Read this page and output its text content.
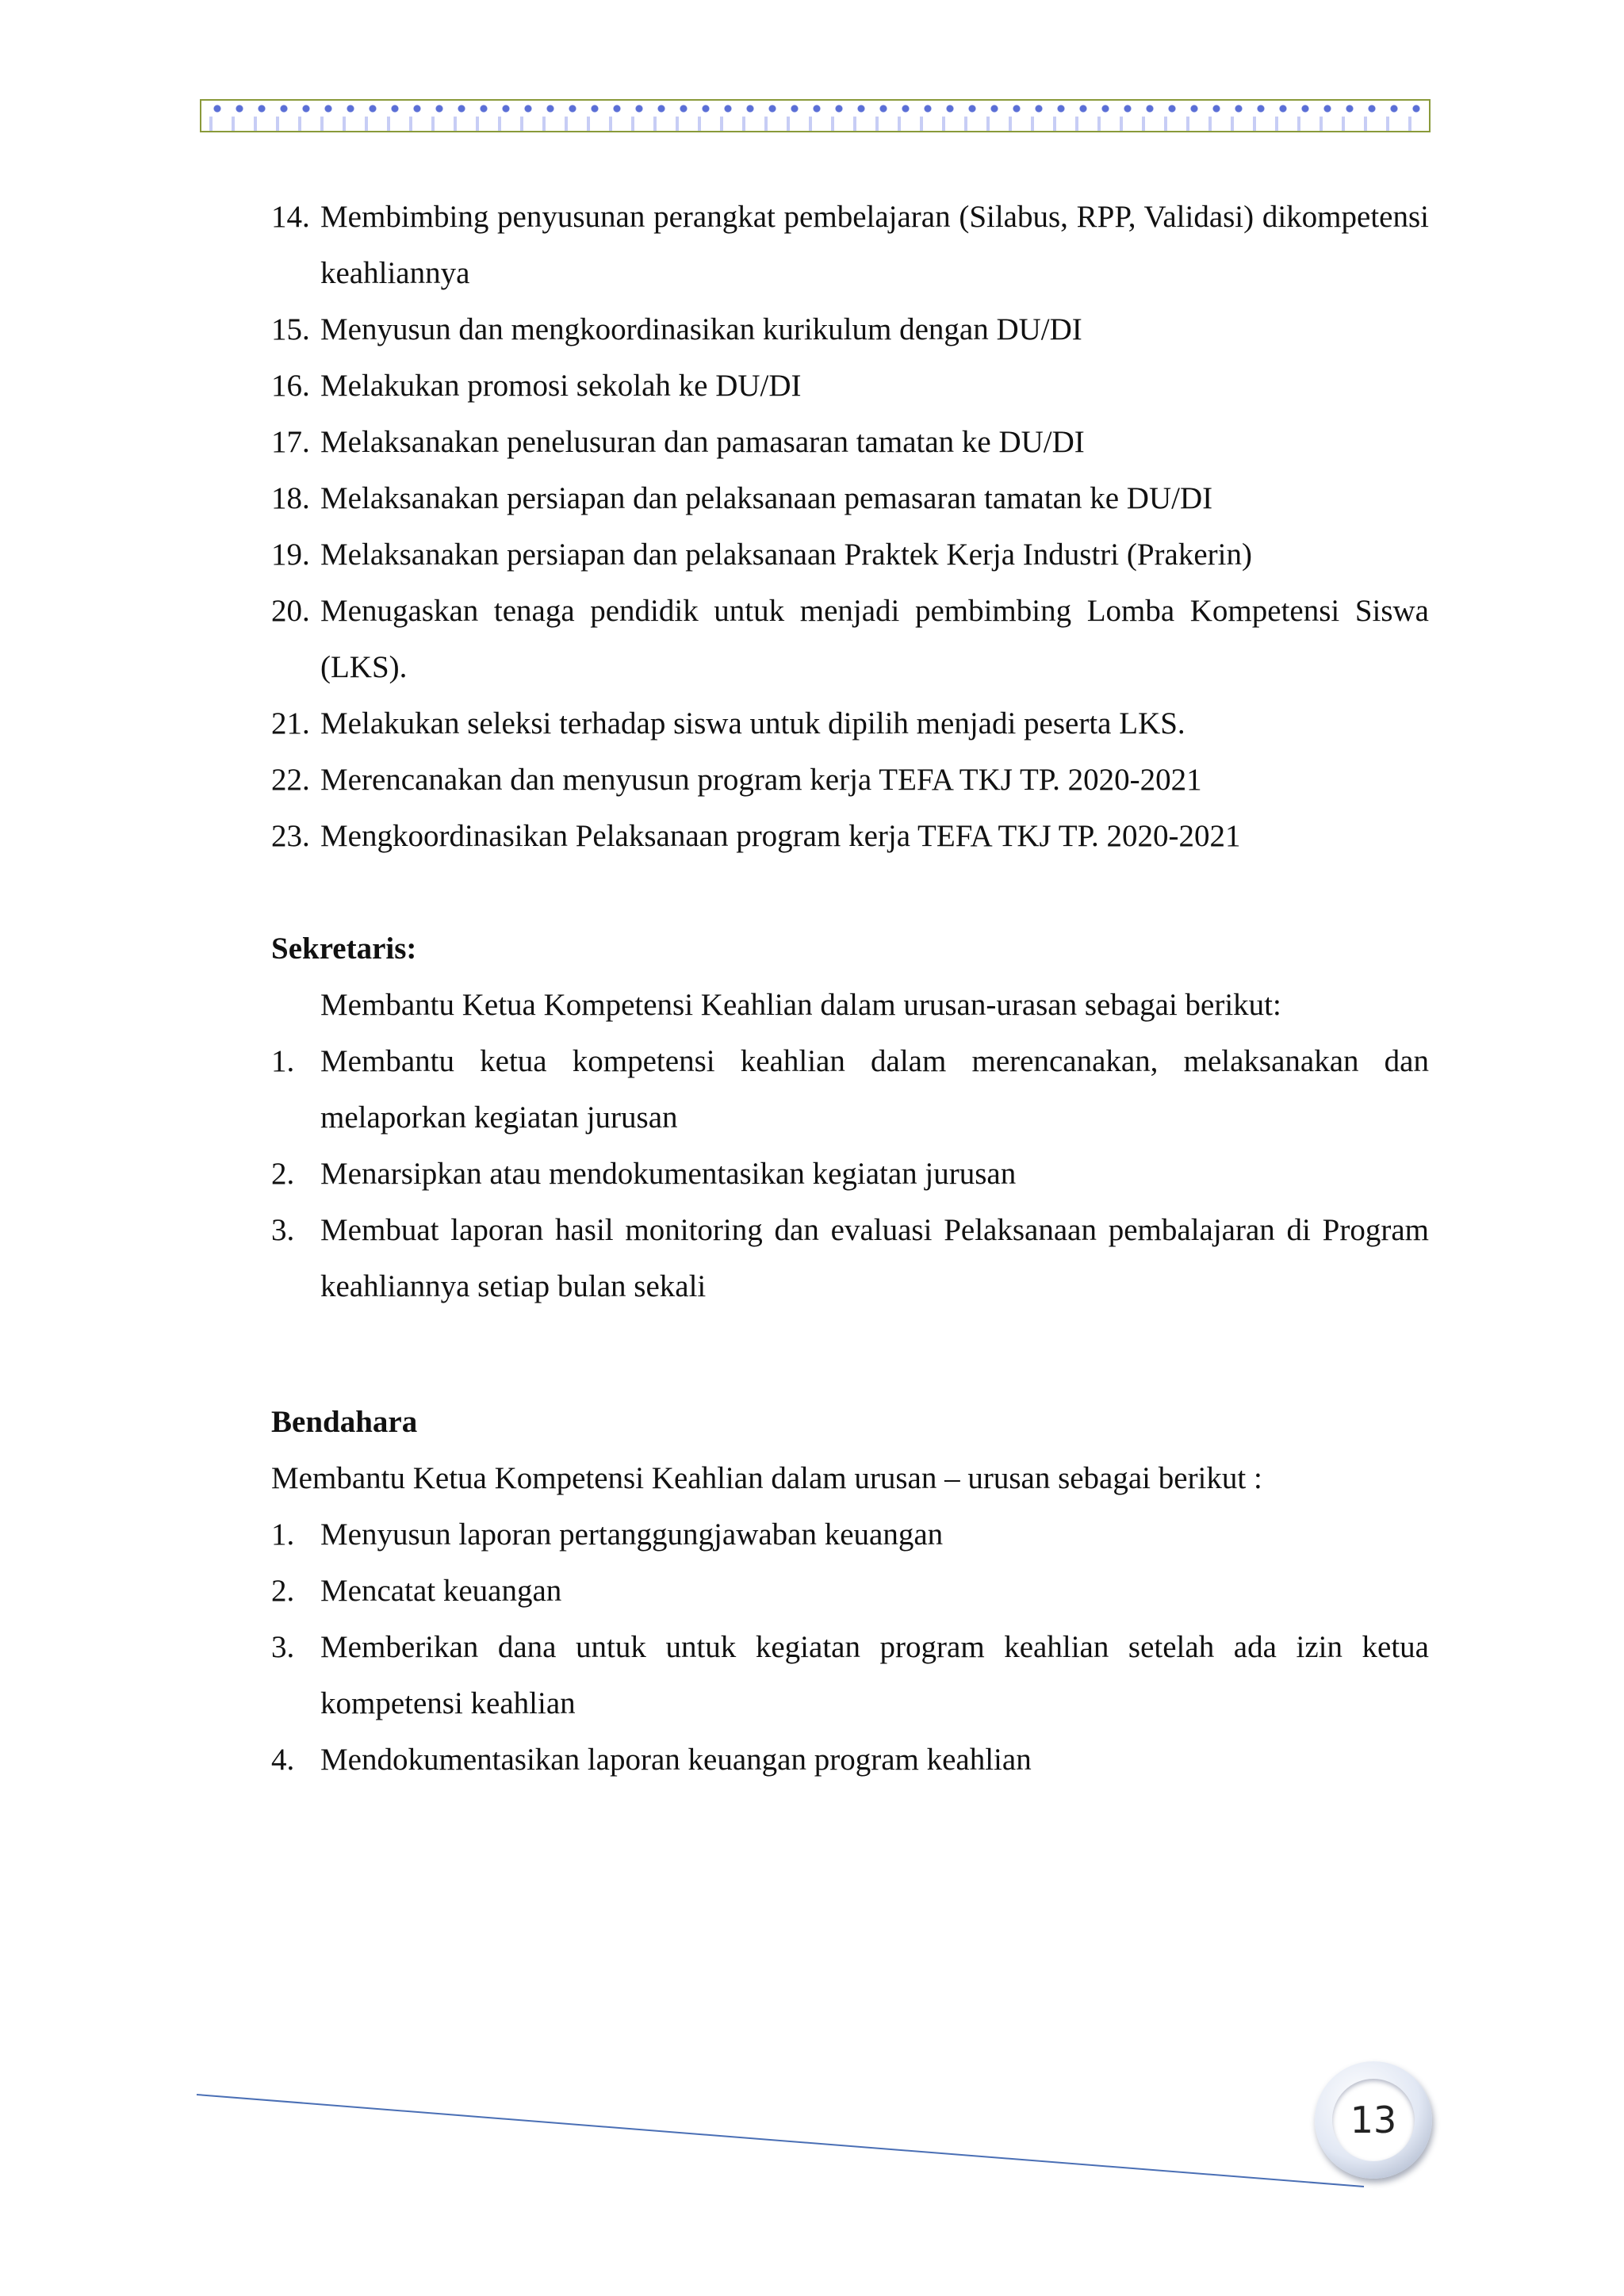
14. Membimbing penyusunan perangkat pembelajaran (Silabus, RPP, Validasi) dikompetensi keahliannya
15. Menyusun dan mengkoordinasikan kurikulum dengan DU/DI
16. Melakukan promosi sekolah ke DU/DI
17. Melaksanakan penelusuran dan pamasaran tamatan ke DU/DI
18. Melaksanakan persiapan dan pelaksanaan pemasaran tamatan ke DU/DI
19. Melaksanakan persiapan dan pelaksanaan Praktek Kerja Industri (Prakerin)
20. Menugaskan tenaga pendidik untuk menjadi pembimbing Lomba Kompetensi Siswa (LKS).
21. Melakukan seleksi terhadap siswa untuk dipilih menjadi peserta LKS.
22. Merencanakan dan menyusun program kerja TEFA TKJ TP. 2020-2021
23. Mengkoordinasikan Pelaksanaan program kerja TEFA TKJ TP. 2020-2021
Sekretaris:
Membantu Ketua Kompetensi Keahlian dalam urusan-urasan sebagai berikut:
1. Membantu ketua kompetensi keahlian dalam merencanakan, melaksanakan dan melaporkan kegiatan jurusan
2. Menarsipkan atau mendokumentasikan kegiatan jurusan
3. Membuat laporan hasil monitoring dan evaluasi Pelaksanaan pembalajaran di Program keahliannya setiap bulan sekali
Bendahara
Membantu Ketua Kompetensi Keahlian dalam urusan – urusan sebagai berikut :
1. Menyusun laporan pertanggungjawaban keuangan
2. Mencatat keuangan
3. Memberikan dana untuk untuk kegiatan program keahlian setelah ada izin ketua kompetensi keahlian
4. Mendokumentasikan laporan keuangan program keahlian
13
